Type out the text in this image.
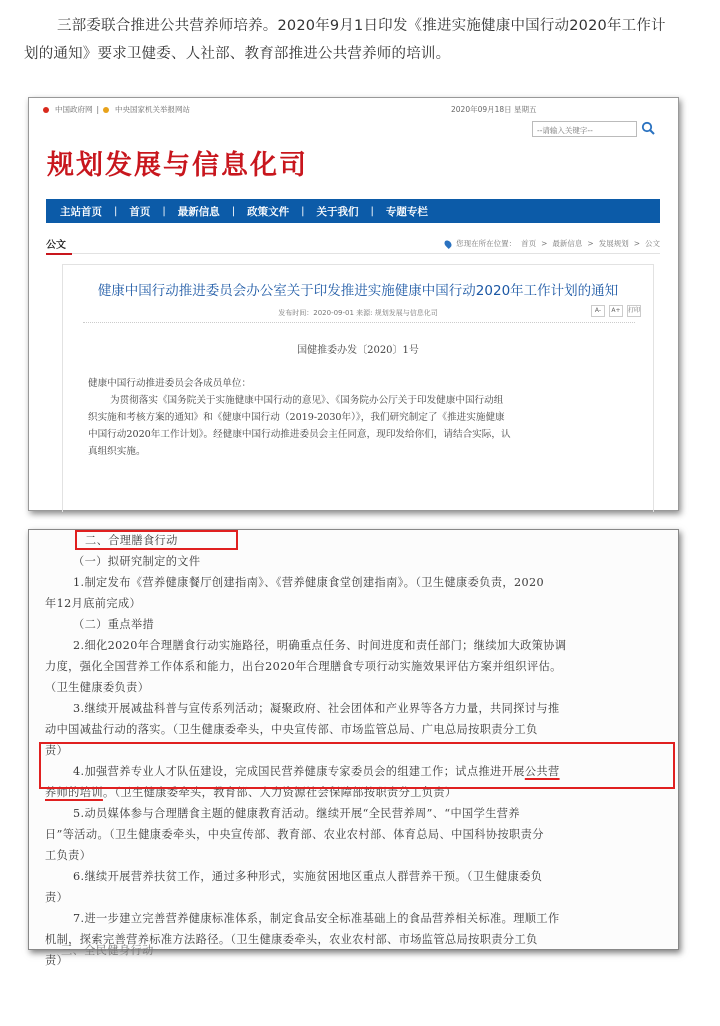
三部委联合推进公共营养师培养。2020年9月1日印发《推进实施健康中国行动2020年工作计
划的通知》要求卫健委、人社部、教育部推进公共营养师的培训。
中国政府网 | 中央国家机关举报网站	2020年09月18日 星期五
--请输入关键字--
规划发展与信息化司
主站首页 | 首页 | 最新信息 | 政策文件 | 关于我们 | 专题专栏
公文	您现在所在位置： 首页 > 最新信息 > 发展规划 > 公文
健康中国行动推进委员会办公室关于印发推进实施健康中国行动2020年工作计划的通知
发布时间：2020-09-01 来源: 规划发展与信息化司	A-	A+	打印
国健推委办发〔2020〕1号
健康中国行动推进委员会各成员单位：
为贯彻落实《国务院关于实施健康中国行动的意见》、《国务院办公厅关于印发健康中国行动组
织实施和考核方案的通知》和《健康中国行动（2019-2030年）》，我们研究制定了《推进实施健康
中国行动2020年工作计划》。经健康中国行动推进委员会主任同意，现印发给你们，请结合实际，认
真组织实施。
二、合理膳食行动
（一）拟研究制定的文件
1.制定发布《营养健康餐厅创建指南》、《营养健康食堂创建指南》。（卫生健康委负责，2020
年12月底前完成）
（二）重点举措
2.细化2020年合理膳食行动实施路径，明确重点任务、时间进度和责任部门；继续加大政策协调
力度，强化全国营养工作体系和能力，出台2020年合理膳食专项行动实施效果评估方案并组织评估。
（卫生健康委负责）
3.继续开展减盐科普与宣传系列活动；凝聚政府、社会团体和产业界等各方力量，共同探讨与推
动中国减盐行动的落实。（卫生健康委牵头，中央宣传部、市场监管总局、广电总局按职责分工负
责）
4.加强营养专业人才队伍建设，完成国民营养健康专家委员会的组建工作；试点推进开展公共营
养师的培训。（卫生健康委牵头，教育部、人力资源社会保障部按职责分工负责）
5.动员媒体参与合理膳食主题的健康教育活动。继续开展“全民营养周”、“中国学生营养
日”等活动。（卫生健康委牵头，中央宣传部、教育部、农业农村部、体育总局、中国科协按职责分
工负责）
6.继续开展营养扶贫工作，通过多种形式，实施贫困地区重点人群营养干预。（卫生健康委负
责）
7.进一步建立完善营养健康标准体系，制定食品安全标准基础上的食品营养相关标准。理顺工作
机制，探索完善营养标准方法路径。（卫生健康委牵头，农业农村部、市场监管总局按职责分工负
责）
三、全民健身行动
